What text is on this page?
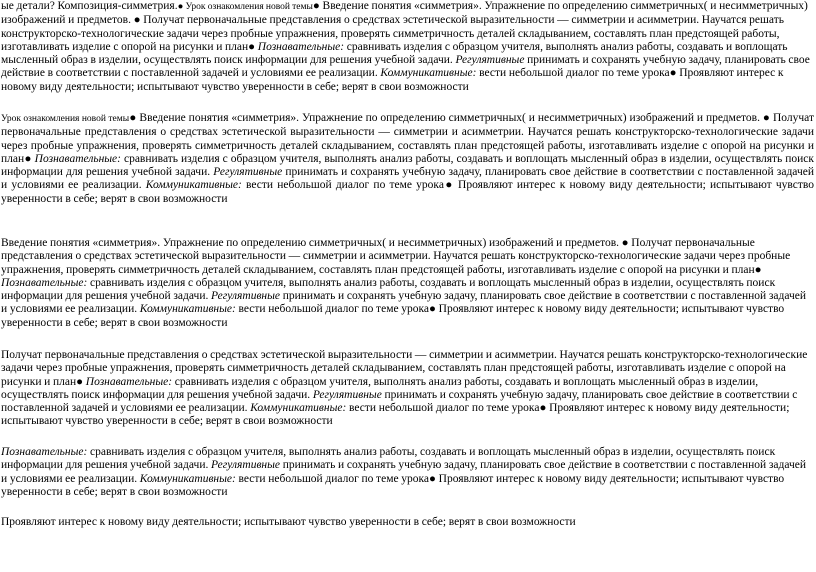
ые детали? Композиция-симметрия.● Урок ознакомления новой темы● Введение понятия «симметрия». Упражнение по определению симметричных( и несимметричных) изображений и предметов. ● Получат первоначальные представления о средствах эстетической выразительности — симметрии и асимметрии. Научатся решать конструкторско-технологические задачи через пробные упражнения, проверять симметричность деталей складыванием, составлять план предстоящей работы, изготавливать изделие с опорой на рисунки и план● Познавательные: сравнивать изделия с образцом учителя, выполнять анализ работы, создавать и воплощать мысленный образ в изделии, осуществлять поиск информации для решения учебной задачи. Регулятивные принимать и сохранять учебную задачу, планировать свое действие в соответствии с поставленной задачей и условиями ее реализации. Коммуникативные: вести небольшой диалог по теме урока● Проявляют интерес к новому виду деятельности; испытывают чувство уверенности в себе; верят в свои возможности

Урок ознакомления новой темы● Введение понятия «симметрия». Упражнение по определению симметричных( и несимметричных) изображений и предметов. ● Получат первоначальные представления о средствах эстетической выразительности — симметрии и асимметрии. Научатся решать конструкторско-технологические задачи через пробные упражнения, проверять симметричность деталей складыванием, составлять план предстоящей работы, изготавливать изделие с опорой на рисунки и план● Познавательные: сравнивать изделия с образцом учителя, выполнять анализ работы, создавать и воплощать мысленный образ в изделии, осуществлять поиск информации для решения учебной задачи. Регулятивные принимать и сохранять учебную задачу, планировать свое действие в соответствии с поставленной задачей и условиями ее реализации. Коммуникативные: вести небольшой диалог по теме урока● Проявляют интерес к новому виду деятельности; испытывают чувство уверенности в себе; верят в свои возможности

Введение понятия «симметрия». Упражнение по определению симметричных( и несимметричных) изображений и предметов. ● Получат первоначальные представления о средствах эстетической выразительности — симметрии и асимметрии. Научатся решать конструкторско-технологические задачи через пробные упражнения, проверять симметричность деталей складыванием, составлять план предстоящей работы, изготавливать изделие с опорой на рисунки и план● Познавательные: сравнивать изделия с образцом учителя, выполнять анализ работы, создавать и воплощать мысленный образ в изделии, осуществлять поиск информации для решения учебной задачи. Регулятивные принимать и сохранять учебную задачу, планировать свое действие в соответствии с поставленной задачей и условиями ее реализации. Коммуникативные: вести небольшой диалог по теме урока● Проявляют интерес к новому виду деятельности; испытывают чувство уверенности в себе; верят в свои возможности

Получат первоначальные представления о средствах эстетической выразительности — симметрии и асимметрии. Научатся решать конструкторско-технологические задачи через пробные упражнения, проверять симметричность деталей складыванием, составлять план предстоящей работы, изготавливать изделие с опорой на рисунки и план● Познавательные: сравнивать изделия с образцом учителя, выполнять анализ работы, создавать и воплощать мысленный образ в изделии, осуществлять поиск информации для решения учебной задачи. Регулятивные принимать и сохранять учебную задачу, планировать свое действие в соответствии с поставленной задачей и условиями ее реализации. Коммуникативные: вести небольшой диалог по теме урока● Проявляют интерес к новому виду деятельности; испытывают чувство уверенности в себе; верят в свои возможности

Познавательные: сравнивать изделия с образцом учителя, выполнять анализ работы, создавать и воплощать мысленный образ в изделии, осуществлять поиск информации для решения учебной задачи. Регулятивные принимать и сохранять учебную задачу, планировать свое действие в соответствии с поставленной задачей и условиями ее реализации. Коммуникативные: вести небольшой диалог по теме урока● Проявляют интерес к новому виду деятельности; испытывают чувство уверенности в себе; верят в свои возможности

Проявляют интерес к новому виду деятельности; испытывают чувство уверенности в себе; верят в свои возможности
